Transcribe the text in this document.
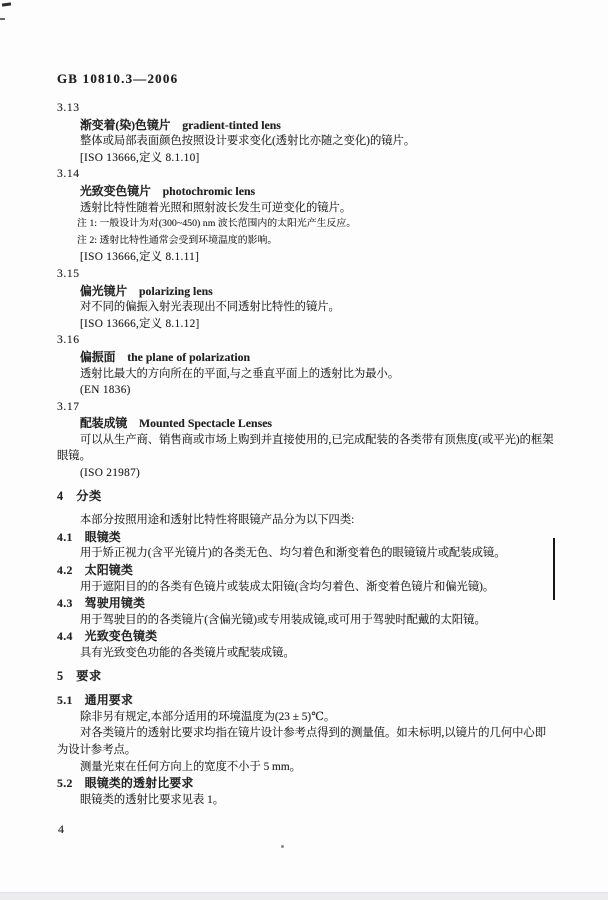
GB 10810.3—2006
3.13
渐变着(染)色镜片　gradient-tinted lens
整体或局部表面颜色按照设计要求变化(透射比亦随之变化)的镜片。
[ISO 13666,定义 8.1.10]
3.14
光致变色镜片　photochromic lens
透射比特性随着光照和照射波长发生可逆变化的镜片。
注 1: 一般设计为对(300~450) nm 波长范围内的太阳光产生反应。
注 2: 透射比特性通常会受到环境温度的影响。
[ISO 13666,定义 8.1.11]
3.15
偏光镜片　polarizing lens
对不同的偏振入射光表现出不同透射比特性的镜片。
[ISO 13666,定义 8.1.12]
3.16
偏振面　the plane of polarization
透射比最大的方向所在的平面,与之垂直平面上的透射比为最小。
(EN 1836)
3.17
配装成镜　Mounted Spectacle Lenses
可以从生产商、销售商或市场上购到并直接使用的,已完成配装的各类带有顶焦度(或平光)的框架
眼镜。
(ISO 21987)
4　分类
本部分按照用途和透射比特性将眼镜产品分为以下四类:
4.1　眼镜类
用于矫正视力(含平光镜片)的各类无色、均匀着色和渐变着色的眼镜镜片或配装成镜。
4.2　太阳镜类
用于遮阳目的的各类有色镜片或装成太阳镜(含均匀着色、渐变着色镜片和偏光镜)。
4.3　驾驶用镜类
用于驾驶目的的各类镜片(含偏光镜)或专用装成镜,或可用于驾驶时配戴的太阳镜。
4.4　光致变色镜类
具有光致变色功能的各类镜片或配装成镜。
5　要求
5.1　通用要求
除非另有规定,本部分适用的环境温度为(23 ± 5)℃。
对各类镜片的透射比要求均指在镜片设计参考点得到的测量值。如未标明,以镜片的几何中心即
为设计参考点。
测量光束在任何方向上的宽度不小于 5 mm。
5.2　眼镜类的透射比要求
眼镜类的透射比要求见表 1。
4
